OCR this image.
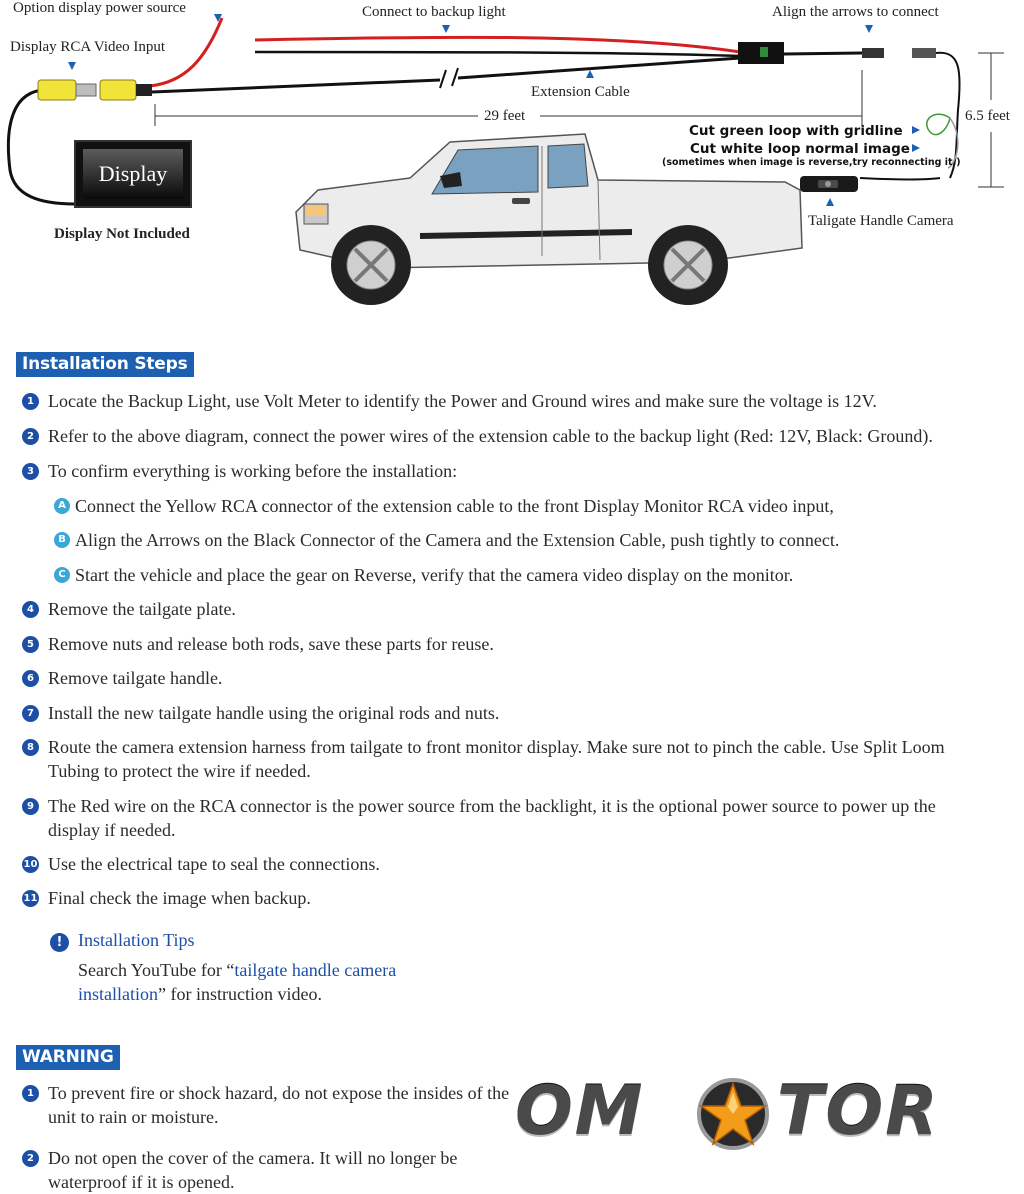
Display
Option display power source	Connect to backup light	Align the arrows to connect
Display RCA Video Input
Extension Cable
29 feet	6.5 feet
Display Not Included
Cut green loop with gridline
Cut white loop normal image
(sometimes when image is reverse,try reconnecting it.)
Taligate Handle Camera
Installation Steps
1 Locate the Backup Light, use Volt Meter to identify the Power and Ground wires and make sure the voltage is 12V.
2 Refer to the above diagram, connect the power wires of the extension cable to the backup light (Red: 12V, Black: Ground).
3 To confirm everything is working before the installation:
A Connect the Yellow RCA connector of the extension cable to the front Display Monitor RCA video input,
B Align the Arrows on the Black Connector of the Camera and the Extension Cable, push tightly to connect.
C Start the vehicle and place the gear on Reverse, verify that the camera video display on the monitor.
4 Remove the tailgate plate.
5 Remove nuts and release both rods, save these parts for reuse.
6 Remove tailgate handle.
7 Install the new tailgate handle using the original rods and nuts.
8 Route the camera extension harness from tailgate to front monitor display. Make sure not to pinch the cable. Use Split Loom Tubing to protect the wire if needed.
9 The Red wire on the RCA connector is the power source from the backlight, it is the optional power source to power up the display if needed.
10 Use the electrical tape to seal the connections.
11 Final check the image when backup.
! Installation Tips
Search YouTube for “tailgate handle camera installation” for instruction video.
WARNING
1 To prevent fire or shock hazard, do not expose the insides of the unit to rain or moisture.
2 Do not open the cover of the camera. It will no longer be waterproof if it is opened.
OM TOR
